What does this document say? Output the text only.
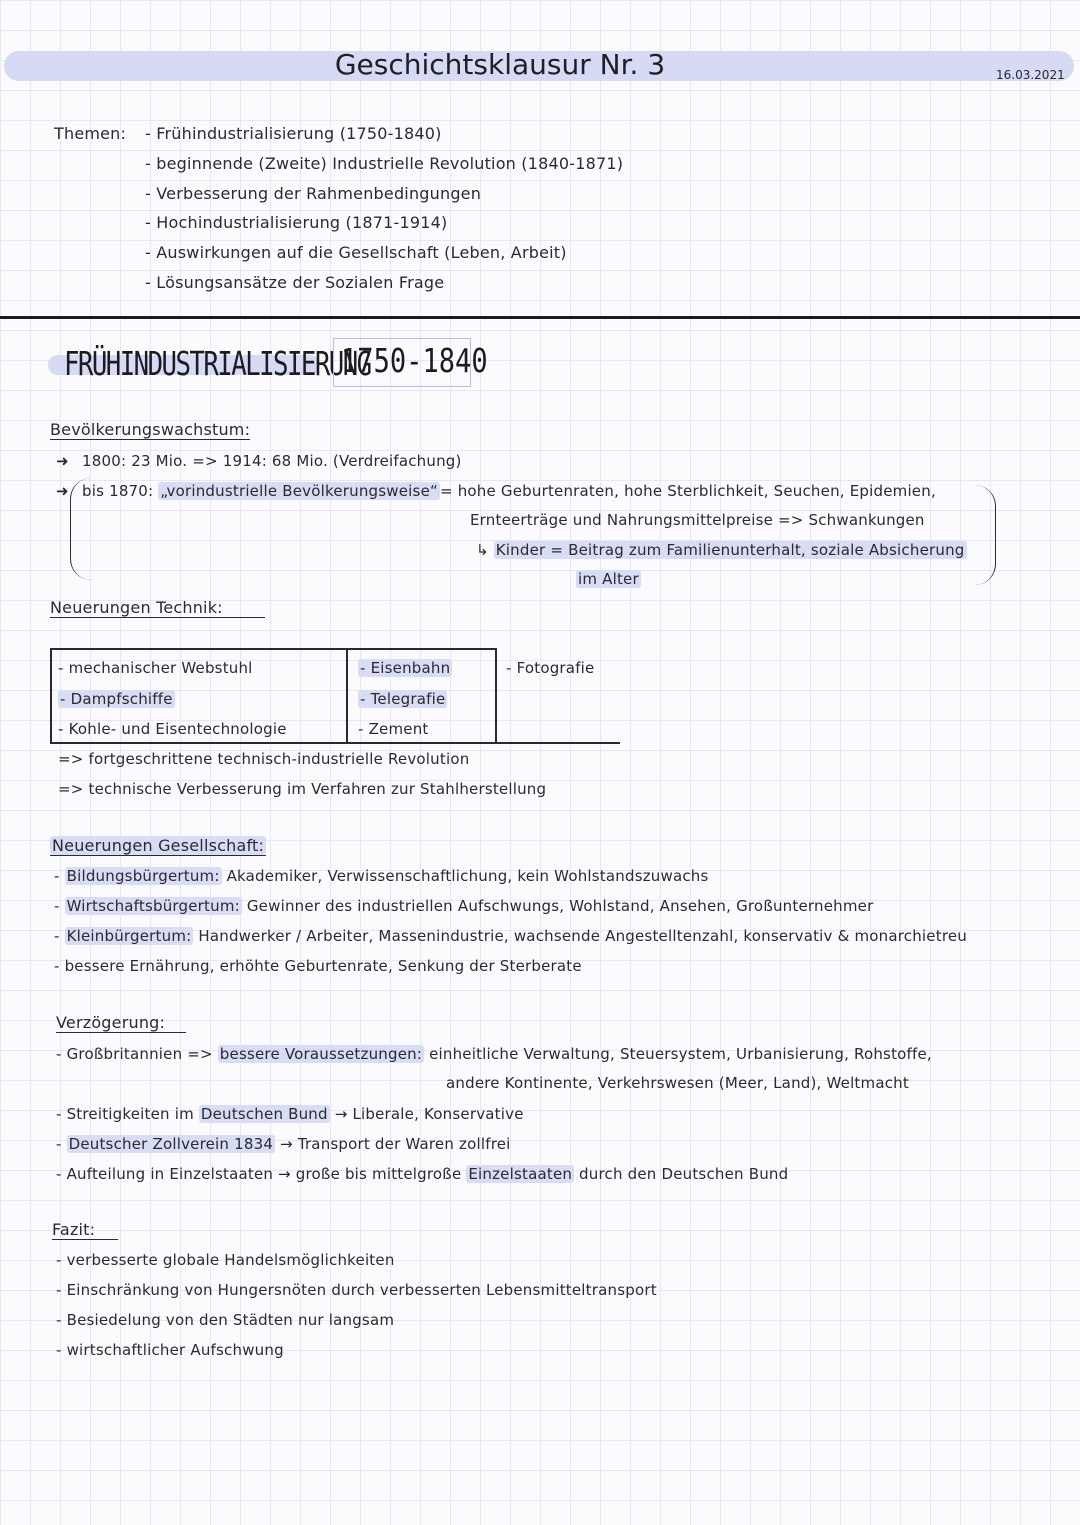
Geschichtsklausur Nr. 3	16.03.2021
Themen: - Frühindustrialisierung (1750-1840)
- beginnende (Zweite) Industrielle Revolution (1840-1871)
- Verbesserung der Rahmenbedingungen
- Hochindustrialisierung (1871-1914)
- Auswirkungen auf die Gesellschaft (Leben, Arbeit)
- Lösungsansätze der Sozialen Frage
FRÜHINDUSTRIALISIERUNG
1750-1840
Bevölkerungswachstum:
➜ 1800: 23 Mio. => 1914: 68 Mio. (Verdreifachung)
➜ bis 1870: „vorindustrielle Bevölkerungsweise“ = hohe Geburtenraten, hohe Sterblichkeit, Seuchen, Epidemien,
Ernteerträge und Nahrungsmittelpreise => Schwankungen
↳ Kinder = Beitrag zum Familienunterhalt, soziale Absicherung
im Alter
Neuerungen Technik:
- mechanischer Webstuhl
- Dampfschiffe
- Kohle- und Eisentechnologie
- Eisenbahn
- Telegrafie
- Zement
- Fotografie
=> fortgeschrittene technisch-industrielle Revolution
=> technische Verbesserung im Verfahren zur Stahlherstellung
Neuerungen Gesellschaft:
- Bildungsbürgertum: Akademiker, Verwissenschaftlichung, kein Wohlstandszuwachs
- Wirtschaftsbürgertum: Gewinner des industriellen Aufschwungs, Wohlstand, Ansehen, Großunternehmer
- Kleinbürgertum: Handwerker / Arbeiter, Massenindustrie, wachsende Angestelltenzahl, konservativ & monarchietreu
- bessere Ernährung, erhöhte Geburtenrate, Senkung der Sterberate
Verzögerung:
- Großbritannien => bessere Voraussetzungen: einheitliche Verwaltung, Steuersystem, Urbanisierung, Rohstoffe,
andere Kontinente, Verkehrswesen (Meer, Land), Weltmacht
- Streitigkeiten im Deutschen Bund → Liberale, Konservative
- Deutscher Zollverein 1834 → Transport der Waren zollfrei
- Aufteilung in Einzelstaaten → große bis mittelgroße Einzelstaaten durch den Deutschen Bund
Fazit:
- verbesserte globale Handelsmöglichkeiten
- Einschränkung von Hungersnöten durch verbesserten Lebensmitteltransport
- Besiedelung von den Städten nur langsam
- wirtschaftlicher Aufschwung
